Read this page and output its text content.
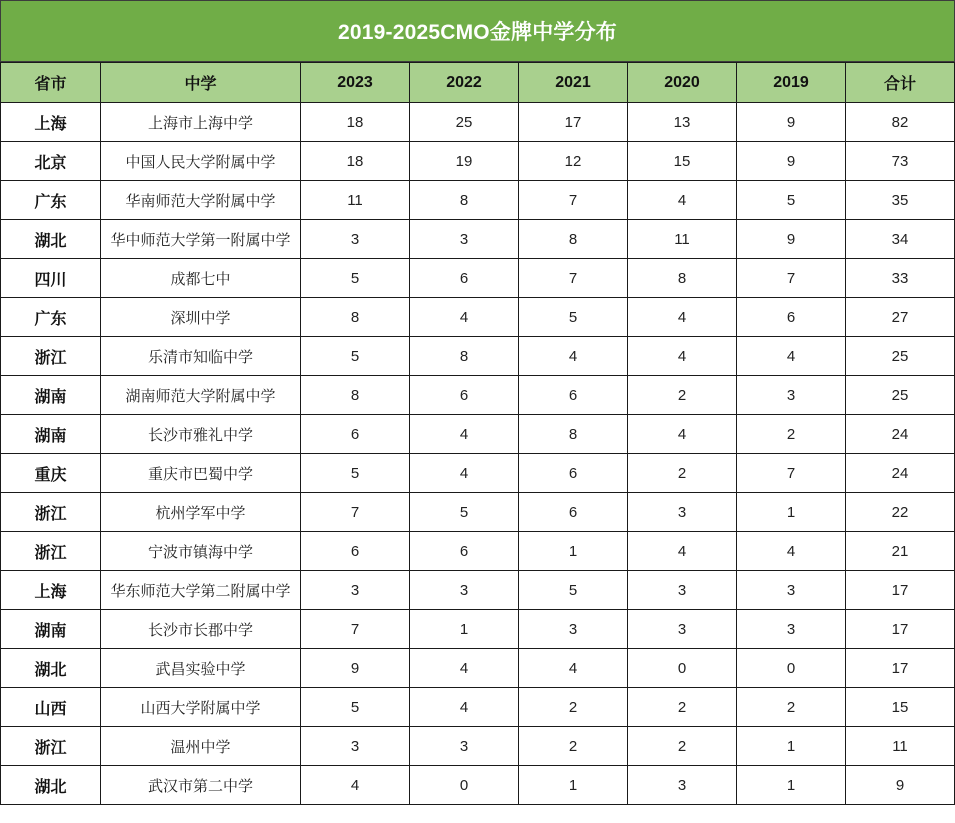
2019-2025CMO金牌中学分布
省市	中学	2023	2022	2021	2020	2019	合计
上海	上海市上海中学	18	25	17	13	9	82
北京	中国人民大学附属中学	18	19	12	15	9	73
广东	华南师范大学附属中学	11	8	7	4	5	35
湖北	华中师范大学第一附属中学	3	3	8	11	9	34
四川	成都七中	5	6	7	8	7	33
广东	深圳中学	8	4	5	4	6	27
浙江	乐清市知临中学	5	8	4	4	4	25
湖南	湖南师范大学附属中学	8	6	6	2	3	25
湖南	长沙市雅礼中学	6	4	8	4	2	24
重庆	重庆市巴蜀中学	5	4	6	2	7	24
浙江	杭州学军中学	7	5	6	3	1	22
浙江	宁波市镇海中学	6	6	1	4	4	21
上海	华东师范大学第二附属中学	3	3	5	3	3	17
湖南	长沙市长郡中学	7	1	3	3	3	17
湖北	武昌实验中学	9	4	4	0	0	17
山西	山西大学附属中学	5	4	2	2	2	15
浙江	温州中学	3	3	2	2	1	11
湖北	武汉市第二中学	4	0	1	3	1	9
